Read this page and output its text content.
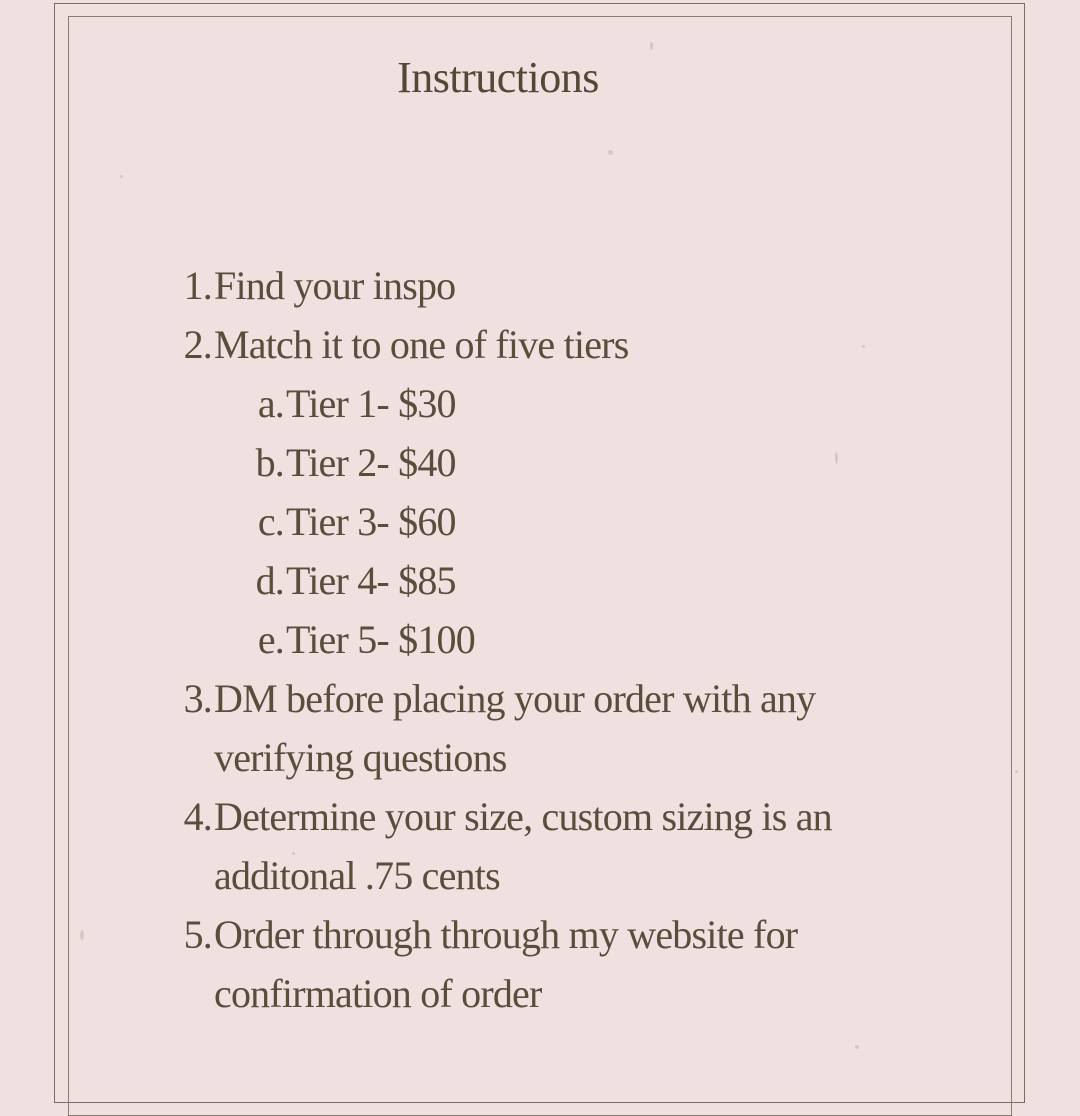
Instructions
1. Find your inspo
2. Match it to one of five tiers
a. Tier 1- $30
b. Tier 2- $40
c. Tier 3- $60
d. Tier 4- $85
e. Tier 5- $100
3. DM before placing your order with any
verifying questions
4. Determine your size, custom sizing is an
additonal .75 cents
5. Order through through my website for
confirmation of order
